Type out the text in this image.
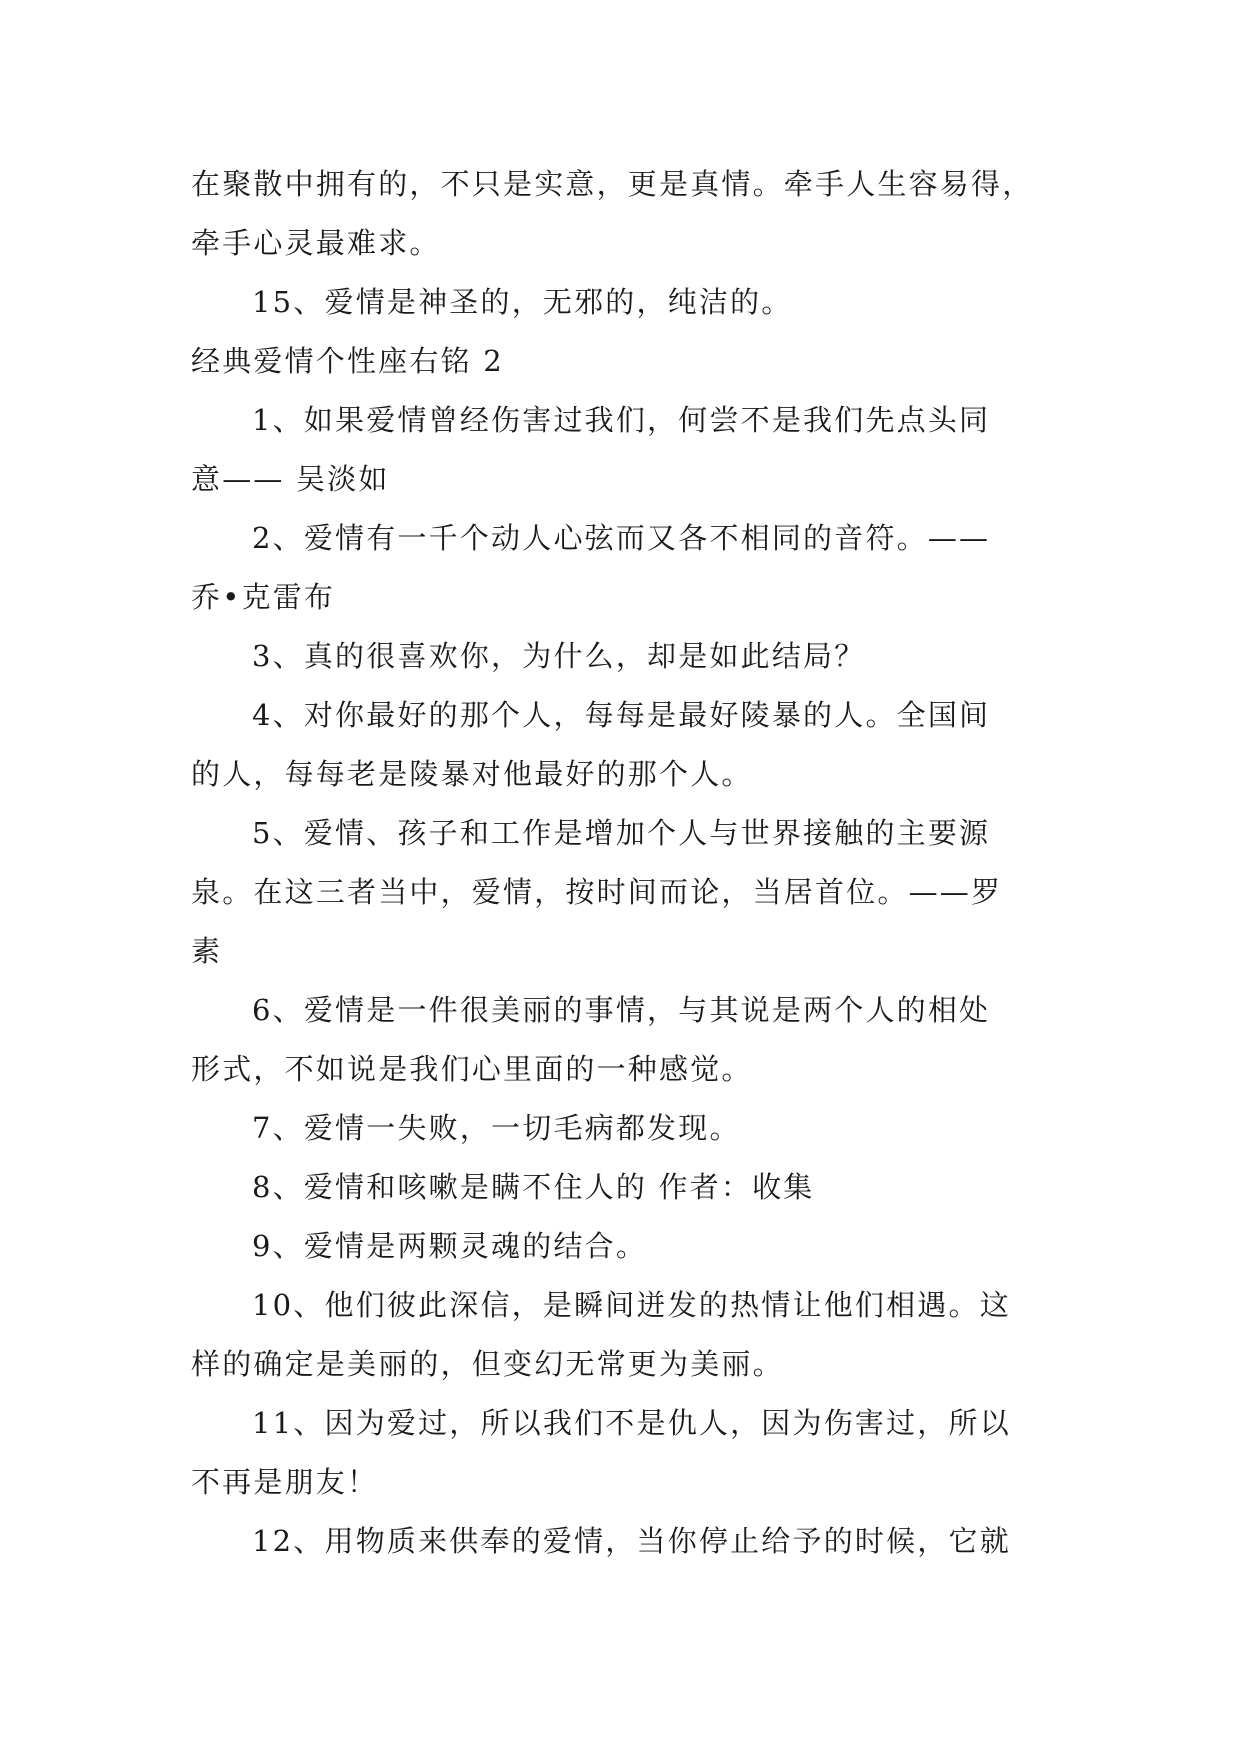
在聚散中拥有的，不只是实意，更是真情。牵手人生容易得，
牵手心灵最难求。
15、爱情是神圣的，无邪的，纯洁的。
经典爱情个性座右铭 2
1、如果爱情曾经伤害过我们，何尝不是我们先点头同
意—— 吴淡如
2、爱情有一千个动人心弦而又各不相同的音符。——
乔•克雷布
3、真的很喜欢你，为什么，却是如此结局？
4、对你最好的那个人，每每是最好陵暴的人。全国间
的人，每每老是陵暴对他最好的那个人。
5、爱情、孩子和工作是增加个人与世界接触的主要源
泉。在这三者当中，爱情，按时间而论，当居首位。——罗
素
6、爱情是一件很美丽的事情，与其说是两个人的相处
形式，不如说是我们心里面的一种感觉。
7、爱情一失败，一切毛病都发现。
8、爱情和咳嗽是瞒不住人的 作者：收集
9、爱情是两颗灵魂的结合。
10、他们彼此深信，是瞬间迸发的热情让他们相遇。这
样的确定是美丽的，但变幻无常更为美丽。
11、因为爱过，所以我们不是仇人，因为伤害过，所以
不再是朋友！
12、用物质来供奉的爱情，当你停止给予的时候，它就
